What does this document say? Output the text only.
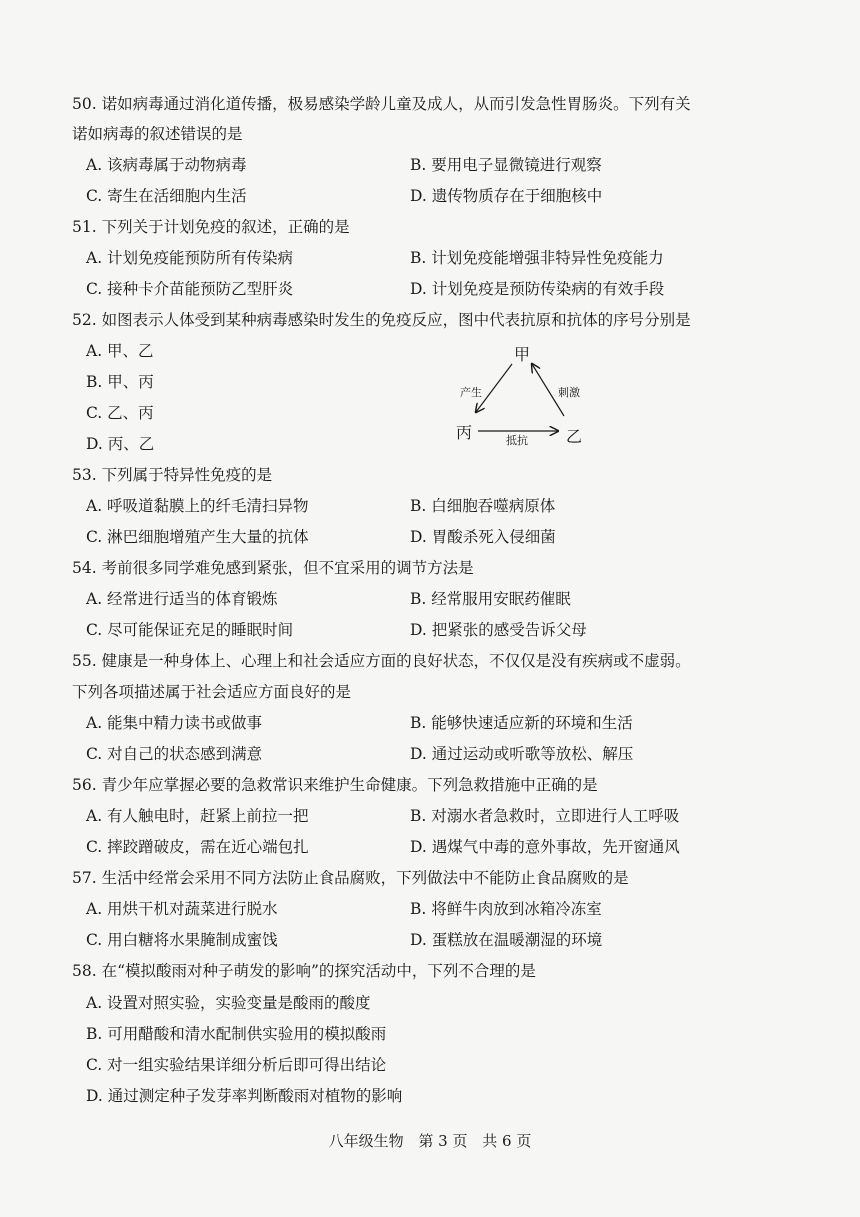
50. 诺如病毒通过消化道传播，极易感染学龄儿童及成人，从而引发急性胃肠炎。下列有关
诺如病毒的叙述错误的是
A. 该病毒属于动物病毒	B. 要用电子显微镜进行观察
C. 寄生在活细胞内生活	D. 遗传物质存在于细胞核中
51. 下列关于计划免疫的叙述，正确的是
A. 计划免疫能预防所有传染病	B. 计划免疫能增强非特异性免疫能力
C. 接种卡介苗能预防乙型肝炎	D. 计划免疫是预防传染病的有效手段
52. 如图表示人体受到某种病毒感染时发生的免疫反应，图中代表抗原和抗体的序号分别是
A. 甲、乙
B. 甲、丙
C. 乙、丙
D. 丙、乙
甲
乙
丙
产生	刺激
抵抗
53. 下列属于特异性免疫的是
A. 呼吸道黏膜上的纤毛清扫异物	B. 白细胞吞噬病原体
C. 淋巴细胞增殖产生大量的抗体	D. 胃酸杀死入侵细菌
54. 考前很多同学难免感到紧张，但不宜采用的调节方法是
A. 经常进行适当的体育锻炼	B. 经常服用安眠药催眠
C. 尽可能保证充足的睡眠时间	D. 把紧张的感受告诉父母
55. 健康是一种身体上、心理上和社会适应方面的良好状态，不仅仅是没有疾病或不虚弱。
下列各项描述属于社会适应方面良好的是
A. 能集中精力读书或做事	B. 能够快速适应新的环境和生活
C. 对自己的状态感到满意	D. 通过运动或听歌等放松、解压
56. 青少年应掌握必要的急救常识来维护生命健康。下列急救措施中正确的是
A. 有人触电时，赶紧上前拉一把	B. 对溺水者急救时，立即进行人工呼吸
C. 摔跤蹭破皮，需在近心端包扎	D. 遇煤气中毒的意外事故，先开窗通风
57. 生活中经常会采用不同方法防止食品腐败，下列做法中不能防止食品腐败的是
A. 用烘干机对蔬菜进行脱水	B. 将鲜牛肉放到冰箱冷冻室
C. 用白糖将水果腌制成蜜饯	D. 蛋糕放在温暖潮湿的环境
58. 在“模拟酸雨对种子萌发的影响”的探究活动中，下列不合理的是
A. 设置对照实验，实验变量是酸雨的酸度
B. 可用醋酸和清水配制供实验用的模拟酸雨
C. 对一组实验结果详细分析后即可得出结论
D. 通过测定种子发芽率判断酸雨对植物的影响
八年级生物 第 3 页 共 6 页
